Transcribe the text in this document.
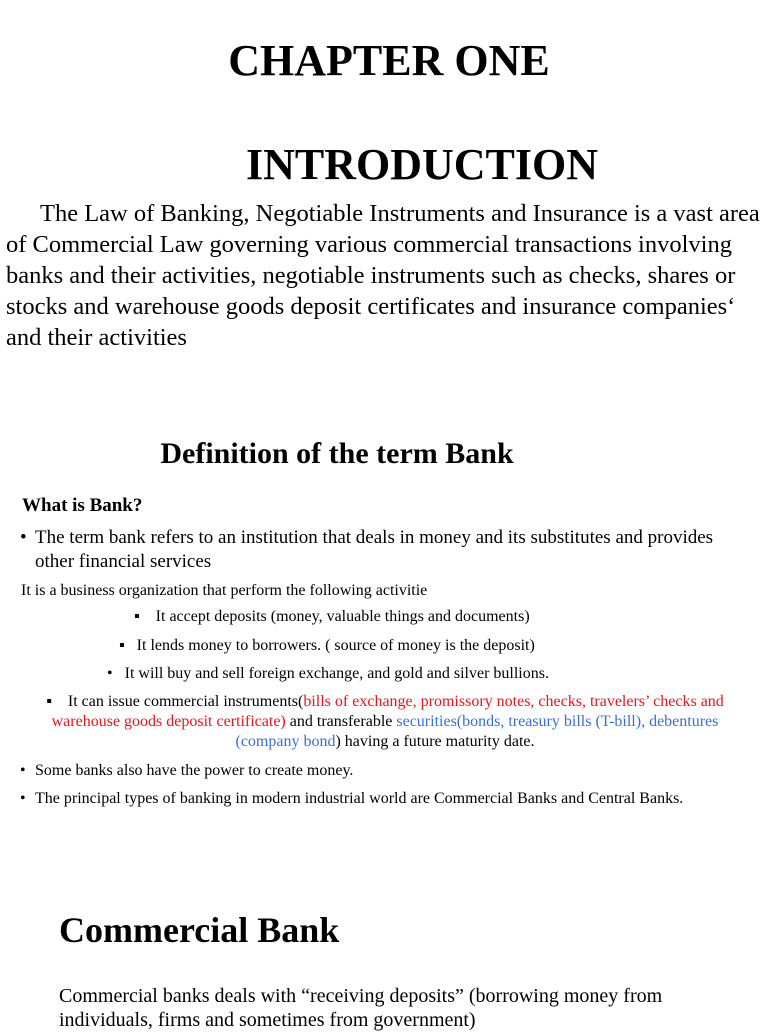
CHAPTER ONE
INTRODUCTION

The Law of Banking, Negotiable Instruments and Insurance is a vast area of Commercial Law governing various commercial transactions involving banks and their activities, negotiable instruments such as checks, shares or stocks and warehouse goods deposit certificates and insurance companies‘ and their activities

Definition of the term Bank
What is Bank?
• The term bank refers to an institution that deals in money and its substitutes and provides other financial services
It is a business organization that perform the following activitie
▪ It accept deposits (money, valuable things and documents)
▪ It lends money to borrowers. ( source of money is the deposit)
• It will buy and sell foreign exchange, and gold and silver bullions.
▪ It can issue commercial instruments(bills of exchange, promissory notes, checks, travelers’ checks and warehouse goods deposit certificate) and transferable securities(bonds, treasury bills (T-bill), debentures (company bond) having a future maturity date.
• Some banks also have the power to create money.
• The principal types of banking in modern industrial world are Commercial Banks and Central Banks.
Commercial Bank

Commercial banks deals with “receiving deposits” (borrowing money from individuals, firms and sometimes from government)
